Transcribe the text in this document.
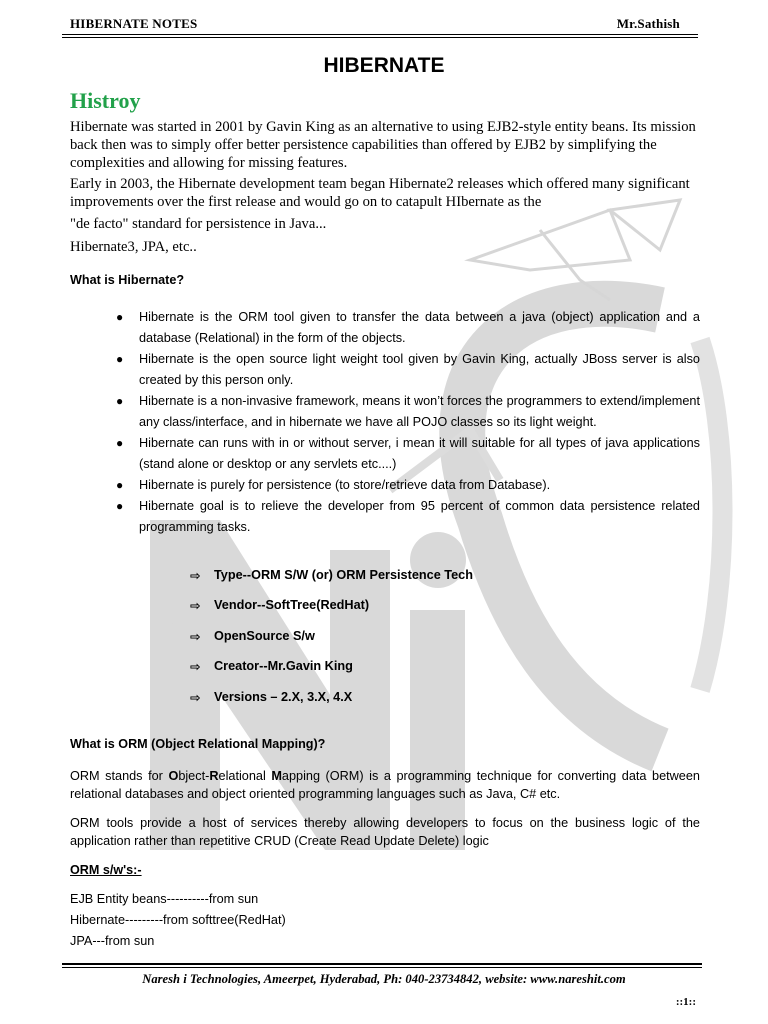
HIBERNATE NOTES	Mr.Sathish
HIBERNATE
Histroy
Hibernate was started in 2001 by Gavin King as an alternative to using EJB2-style entity beans. Its mission back then was to simply offer better persistence capabilities than offered by EJB2 by simplifying the complexities and allowing for missing features.
Early in 2003, the Hibernate development team began Hibernate2 releases which offered many significant improvements over the first release and would go on to catapult HIbernate as the
"de facto" standard for persistence in Java...
Hibernate3, JPA, etc..
What is Hibernate?
● Hibernate is the ORM tool given to transfer the data between a java (object) application and a database (Relational) in the form of the objects.
● Hibernate is the open source light weight tool given by Gavin King, actually JBoss server is also created by this person only.
● Hibernate is a non-invasive framework, means it won’t forces the programmers to extend/implement any class/interface, and in hibernate we have all POJO classes so its light weight.
● Hibernate can runs with in or without server, i mean it will suitable for all types of java applications (stand alone or desktop or any servlets etc....)
● Hibernate is purely for persistence (to store/retrieve data from Database).
● Hibernate goal is to relieve the developer from 95 percent of common data persistence related programming tasks.
⇨	Type--ORM S/W (or) ORM Persistence Tech
⇨	Vendor--SoftTree(RedHat)
⇨	OpenSource S/w
⇨	Creator--Mr.Gavin King
⇨	Versions – 2.X, 3.X, 4.X
What is ORM (Object Relational Mapping)?
ORM stands for Object-Relational Mapping (ORM) is a programming technique for converting data between relational databases and object oriented programming languages such as Java, C# etc.
ORM tools provide a host of services thereby allowing developers to focus on the business logic of the application rather than repetitive CRUD (Create Read Update Delete) logic
ORM s/w's:-
EJB Entity beans----------from sun
Hibernate---------from softtree(RedHat)
JPA---from sun
Naresh i Technologies, Ameerpet, Hyderabad, Ph: 040-23734842, website: www.nareshit.com
::1::
